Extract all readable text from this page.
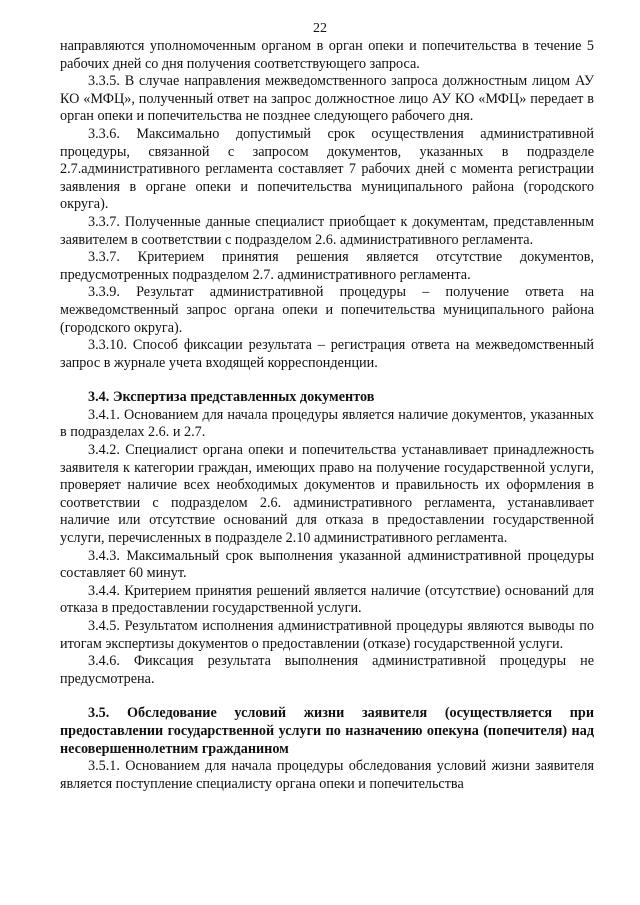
22

направляются уполномоченным органом в орган опеки и попечительства в течение 5 рабочих дней со дня получения соответствующего запроса.

3.3.5. В случае направления межведомственного запроса должностным лицом АУ КО «МФЦ», полученный ответ на запрос должностное лицо АУ КО «МФЦ» передает в орган опеки и попечительства не позднее следующего рабочего дня.

3.3.6. Максимально допустимый срок осуществления административной процедуры, связанной с запросом документов, указанных в подразделе 2.7.административного регламента составляет 7 рабочих дней с момента регистрации заявления в органе опеки и попечительства муниципального района (городского округа).

3.3.7. Полученные данные специалист приобщает к документам, представленным заявителем в соответствии с подразделом 2.6. административного регламента.

3.3.7. Критерием принятия решения является отсутствие документов, предусмотренных подразделом 2.7. административного регламента.

3.3.9. Результат административной процедуры – получение ответа на межведомственный запрос органа опеки и попечительства муниципального района (городского округа).

3.3.10. Способ фиксации результата – регистрация ответа на межведомственный запрос в журнале учета входящей корреспонденции.

3.4. Экспертиза представленных документов

3.4.1. Основанием для начала процедуры является наличие документов, указанных в подразделах 2.6. и 2.7.

3.4.2. Специалист органа опеки и попечительства устанавливает принадлежность заявителя к категории граждан, имеющих право на получение государственной услуги, проверяет наличие всех необходимых документов и правильность их оформления в соответствии с подразделом 2.6. административного регламента, устанавливает наличие или отсутствие оснований для отказа в предоставлении государственной услуги, перечисленных в подразделе 2.10 административного регламента.

3.4.3. Максимальный срок выполнения указанной административной процедуры составляет 60 минут.

3.4.4. Критерием принятия решений является наличие (отсутствие) оснований для отказа в предоставлении государственной услуги.

3.4.5. Результатом исполнения административной процедуры являются выводы по итогам экспертизы документов о предоставлении (отказе) государственной услуги.

3.4.6. Фиксация результата выполнения административной процедуры не предусмотрена.

3.5. Обследование условий жизни заявителя (осуществляется при предоставлении государственной услуги по назначению опекуна (попечителя) над несовершеннолетним гражданином

3.5.1. Основанием для начала процедуры обследования условий жизни заявителя является поступление специалисту органа опеки и попечительства
